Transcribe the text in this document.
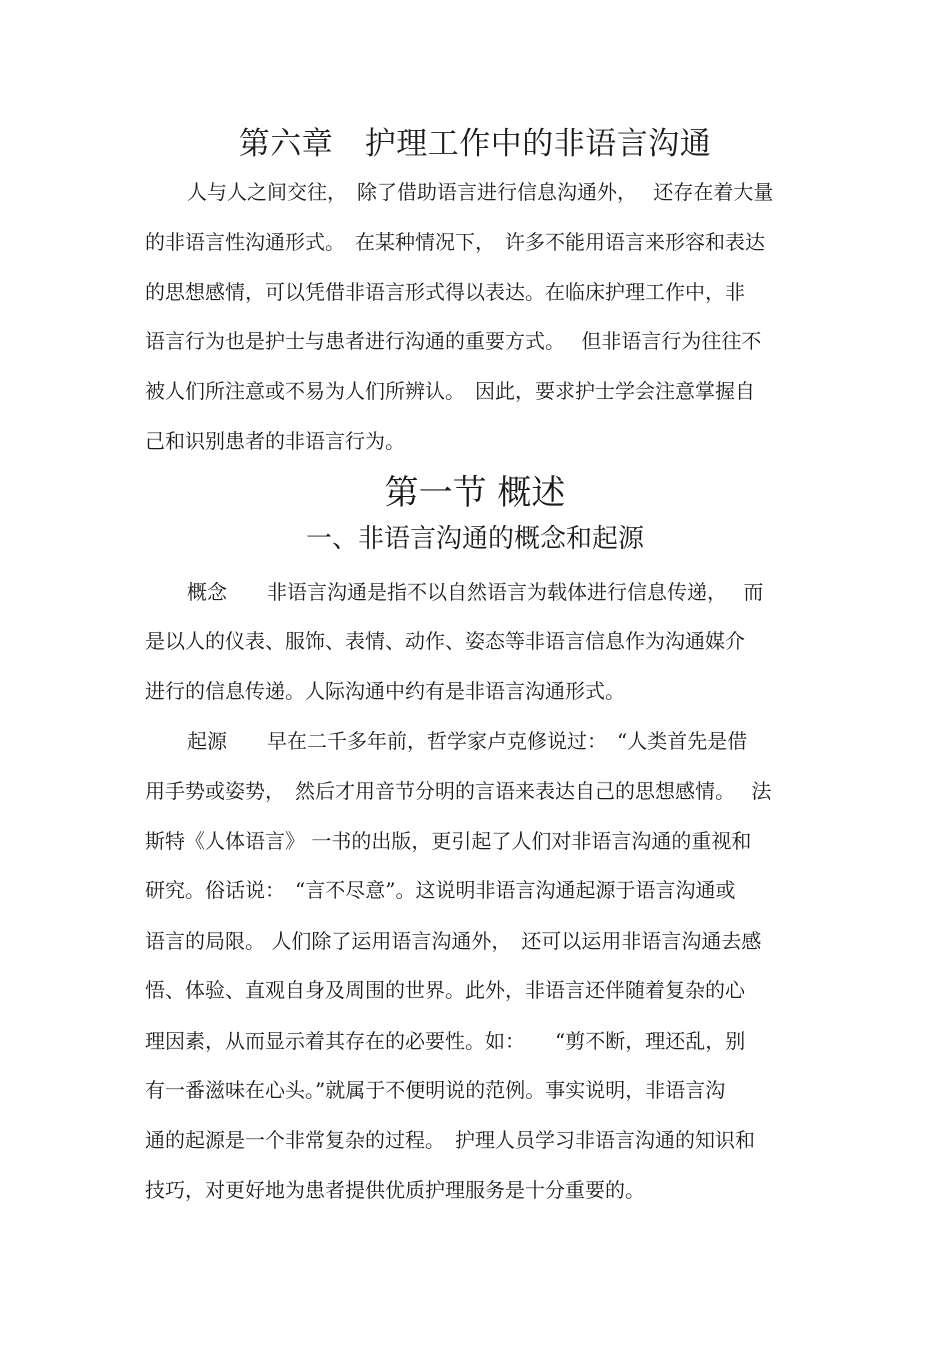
第六章　护理工作中的非语言沟通
人与人之间交往，　除了借助语言进行信息沟通外，　 还存在着大量
的非语言性沟通形式。　在某种情况下，　许多不能用语言来形容和表达
的思想感情，可以凭借非语言形式得以表达。在临床护理工作中，非
语言行为也是护士与患者进行沟通的重要方式。　 但非语言行为往往不
被人们所注意或不易为人们所辨认。　因此，要求护士学会注意掌握自
己和识别患者的非语言行为。
第一节 概述
一、非语言沟通的概念和起源
概念　　非语言沟通是指不以自然语言为载体进行信息传递，　 而
是以人的仪表、服饰、表情、动作、姿态等非语言信息作为沟通媒介
进行的信息传递。人际沟通中约有是非语言沟通形式。
起源　　早在二千多年前，哲学家卢克修说过：　“人类首先是借
用手势或姿势，　然后才用音节分明的言语来表达自己的思想感情。　 法
斯特《人体语言》 一书的出版，更引起了人们对非语言沟通的重视和
研究。俗话说：　“言不尽意”。这说明非语言沟通起源于语言沟通或
语言的局限。 人们除了运用语言沟通外，　还可以运用非语言沟通去感
悟、体验、直观自身及周围的世界。此外，非语言还伴随着复杂的心
理因素，从而显示着其存在的必要性。如：　　“剪不断，理还乱，别
有一番滋味在心头。”就属于不便明说的范例。事实说明，非语言沟
通的起源是一个非常复杂的过程。　护理人员学习非语言沟通的知识和
技巧，对更好地为患者提供优质护理服务是十分重要的。
